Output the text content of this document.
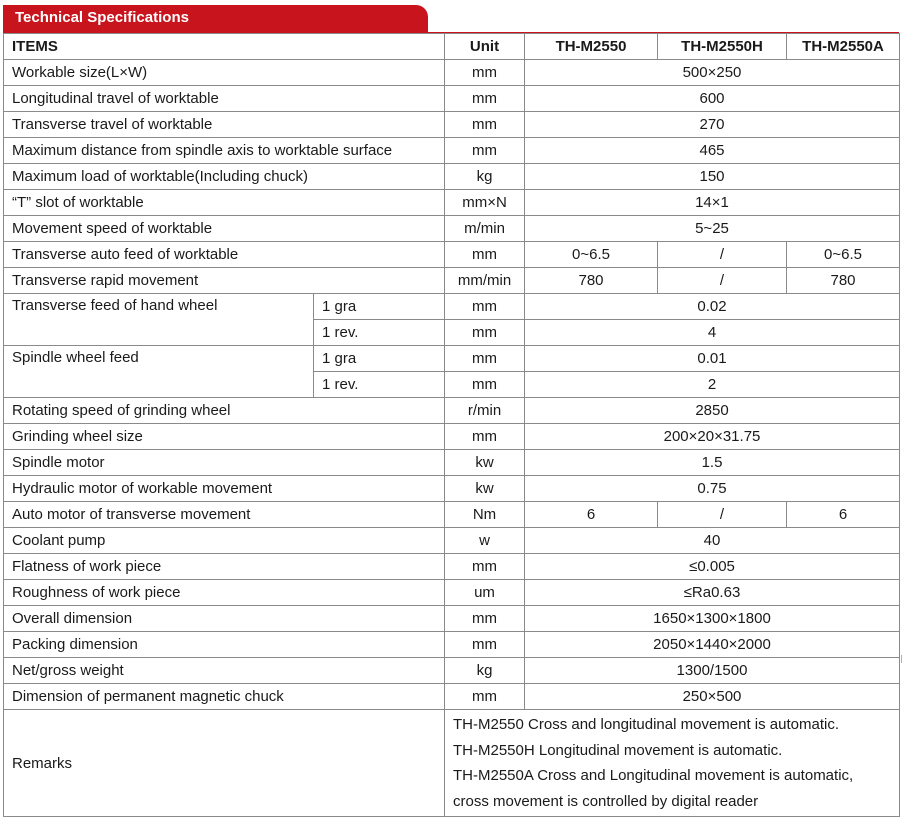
Technical Specifications
ITEMS		Unit	TH-M2550	TH-M2550H	TH-M2550A
Workable size(L×W)		mm	500×250		
Longitudinal travel of worktable		mm	600		
Transverse travel of worktable		mm	270		
Maximum distance from spindle axis to worktable surface		mm	465		
Maximum load of worktable(Including chuck)		kg	150		
“T” slot of worktable		mm×N	14×1		
Movement speed of worktable		m/min	5~25		
Transverse auto feed of worktable		mm	0~6.5	/	0~6.5
Transverse rapid movement		mm/min	780	/	780
Transverse feed of hand wheel	1 gra	mm	0.02		
	1 rev.	mm	4		
Spindle wheel feed	1 gra	mm	0.01		
	1 rev.	mm	2		
Rotating speed of grinding wheel		r/min	2850		
Grinding wheel size		mm	200×20×31.75		
Spindle motor		kw	1.5		
Hydraulic motor of workable movement		kw	0.75		
Auto motor of transverse movement		Nm	6	/	6
Coolant pump		w	40		
Flatness of work piece		mm	≤0.005		
Roughness of work piece		um	≤Ra0.63		
Overall dimension		mm	1650×1300×1800		
Packing dimension		mm	2050×1440×2000		
Net/gross weight		kg	1300/1500		
Dimension of permanent magnetic chuck		mm	250×500		
Remarks		TH-M2550 Cross and longitudinal movement is automatic.
TH-M2550H Longitudinal movement is automatic.
TH-M2550A Cross and Longitudinal movement is automatic,
cross movement is controlled by digital reader			
